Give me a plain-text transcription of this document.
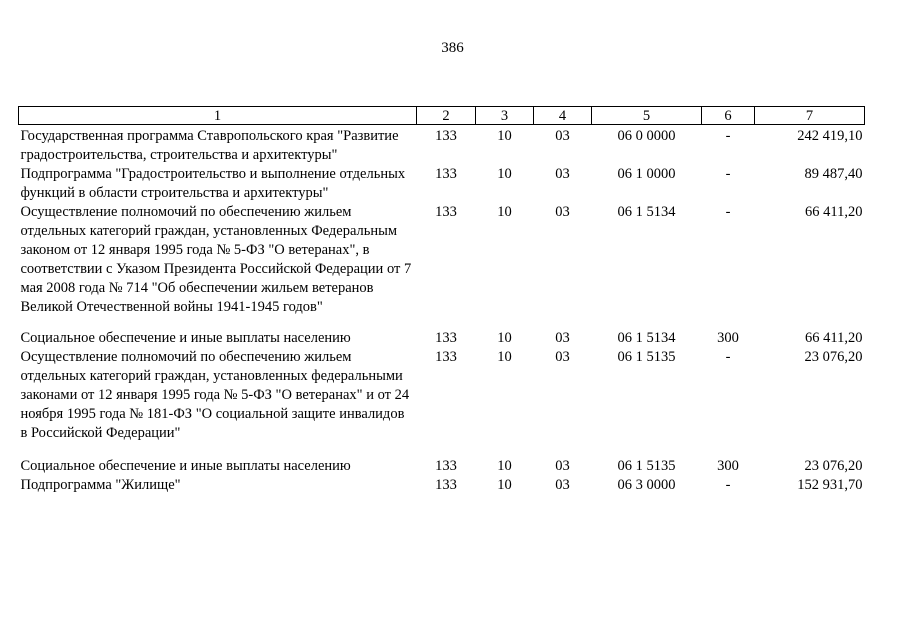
386
1	2	3	4	5	6	7
Государственная программа Ставропольского края "Развитие градостроительства, строительства и архитектуры"	133	10	03	06 0 0000	-	242 419,10
Подпрограмма "Градостроительство и выполнение отдельных функций в области строительства и архитектуры"	133	10	03	06 1 0000	-	89 487,40
Осуществление полномочий по обеспечению жильем отдельных категорий граждан, установленных Федеральным законом от 12 января 1995 года № 5-ФЗ "О ветеранах", в соответствии с Указом Президента Российской Федерации от 7 мая 2008 года № 714 "Об обеспечении жильем ветеранов Великой Отечественной войны 1941-1945 годов"	133	10	03	06 1 5134	-	66 411,20
Социальное обеспечение и иные выплаты населению	133	10	03	06 1 5134	300	66 411,20
Осуществление полномочий по обеспечению жильем отдельных категорий граждан, установленных федеральными законами от 12 января 1995 года № 5-ФЗ "О ветеранах" и от 24 ноября 1995 года № 181-ФЗ "О социальной защите инвалидов в Российской Федерации"	133	10	03	06 1 5135	-	23 076,20
Социальное обеспечение и иные выплаты населению	133	10	03	06 1 5135	300	23 076,20
Подпрограмма "Жилище"	133	10	03	06 3 0000	-	152 931,70
